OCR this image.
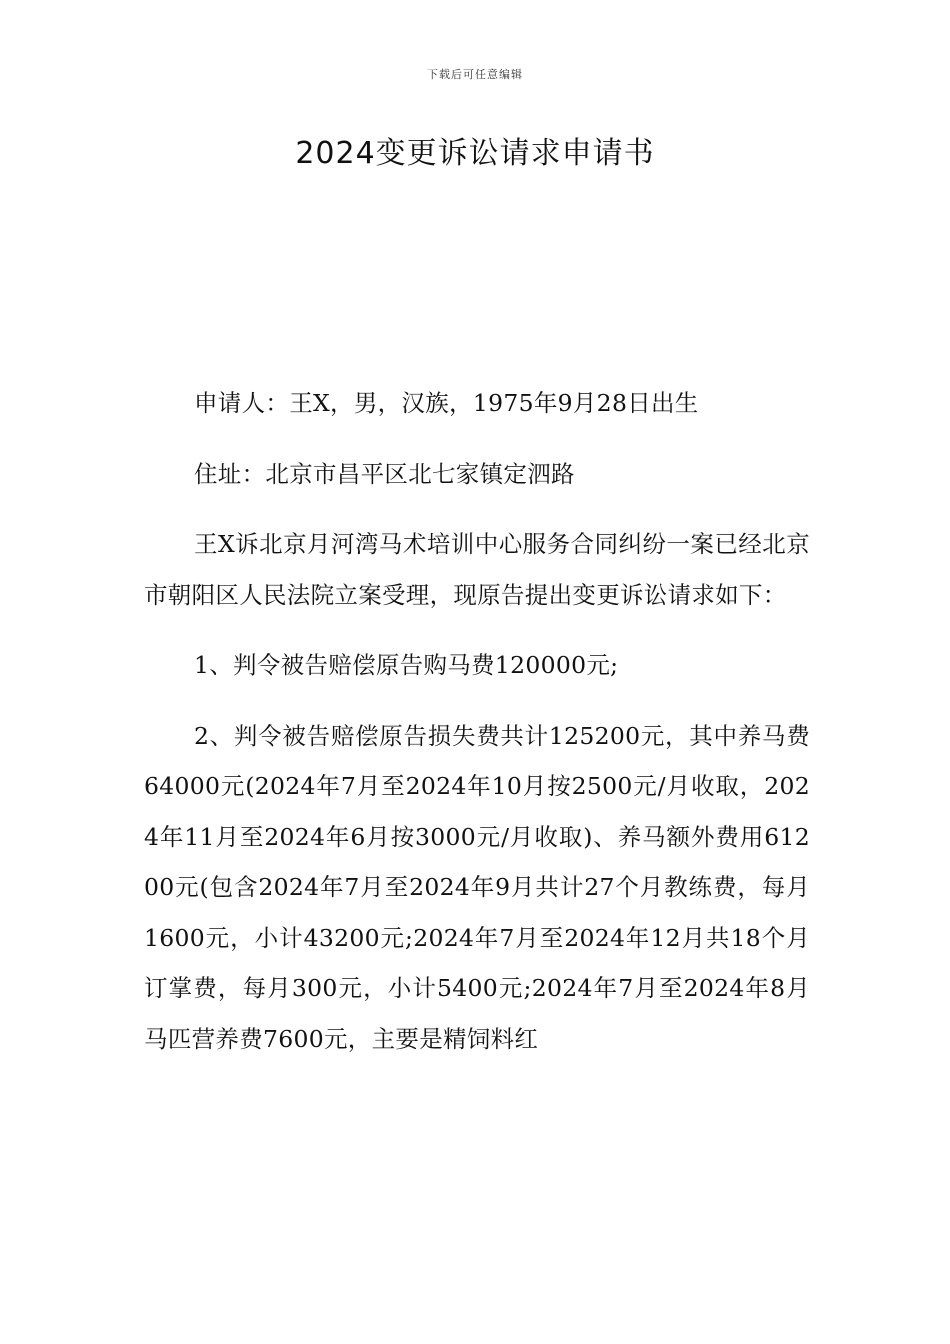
下载后可任意编辑
2024变更诉讼请求申请书

申请人：王X，男，汉族，1975年9月28日出生

住址：北京市昌平区北七家镇定泗路

王X诉北京月河湾马术培训中心服务合同纠纷一案已经北京市朝阳区人民法院立案受理，现原告提出变更诉讼请求如下：

1、判令被告赔偿原告购马费120000元;

2、判令被告赔偿原告损失费共计125200元，其中养马费64000元(2024年7月至2024年10月按2500元/月收取，2024年11月至2024年6月按3000元/月收取)、养马额外费用61200元(包含2024年7月至2024年9月共计27个月教练费，每月1600元，小计43200元;2024年7月至2024年12月共18个月订掌费，每月300元，小计5400元;2024年7月至2024年8月马匹营养费7600元，主要是精饲料红
